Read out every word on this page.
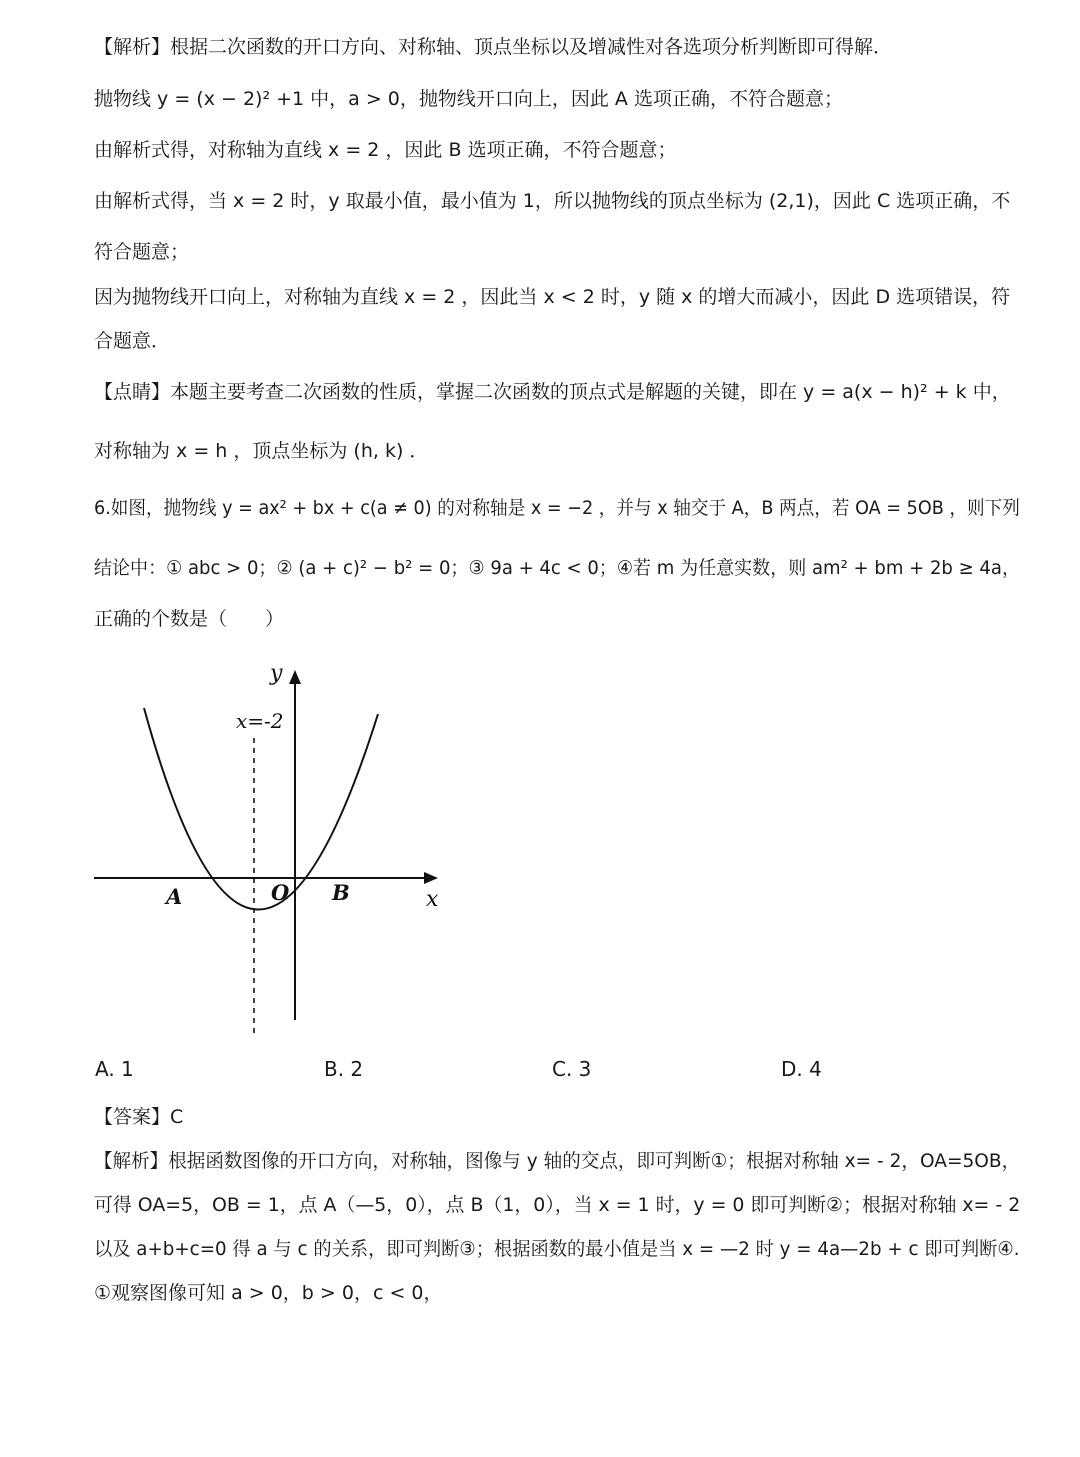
【解析】根据二次函数的开口方向、对称轴、顶点坐标以及增减性对各选项分析判断即可得解．
抛物线 y = (x − 2)² +1 中，a > 0，抛物线开口向上，因此 A 选项正确，不符合题意；
由解析式得，对称轴为直线 x = 2 ，因此 B 选项正确，不符合题意；
由解析式得，当 x = 2 时，y 取最小值，最小值为 1，所以抛物线的顶点坐标为 (2,1)，因此 C 选项正确，不
符合题意；
因为抛物线开口向上，对称轴为直线 x = 2 ，因此当 x < 2 时，y 随 x 的增大而减小，因此 D 选项错误，符
合题意．
【点睛】本题主要考查二次函数的性质，掌握二次函数的顶点式是解题的关键，即在 y = a(x − h)² + k 中，
对称轴为 x = h ，顶点坐标为 (h, k) ．
6.如图，抛物线 y = ax² + bx + c(a ≠ 0) 的对称轴是 x = −2 ，并与 x 轴交于 A，B 两点，若 OA = 5OB ，则下列
结论中：① abc > 0；② (a + c)² − b² = 0；③ 9a + 4c < 0；④若 m 为任意实数，则 am² + bm + 2b ≥ 4a，
正确的个数是（　　）
y
x
x=-2
A	O B
A. 1	B. 2	C. 3	D. 4
【答案】C
【解析】根据函数图像的开口方向，对称轴，图像与 y 轴的交点，即可判断①；根据对称轴 x= - 2，OA=5OB，
可得 OA=5，OB = 1，点 A（—5，0），点 B（1，0），当 x = 1 时，y = 0 即可判断②；根据对称轴 x= - 2
以及 a+b+c=0 得 a 与 c 的关系，即可判断③；根据函数的最小值是当 x = —2 时 y = 4a—2b + c 即可判断④.
①观察图像可知 a > 0，b > 0，c < 0，
